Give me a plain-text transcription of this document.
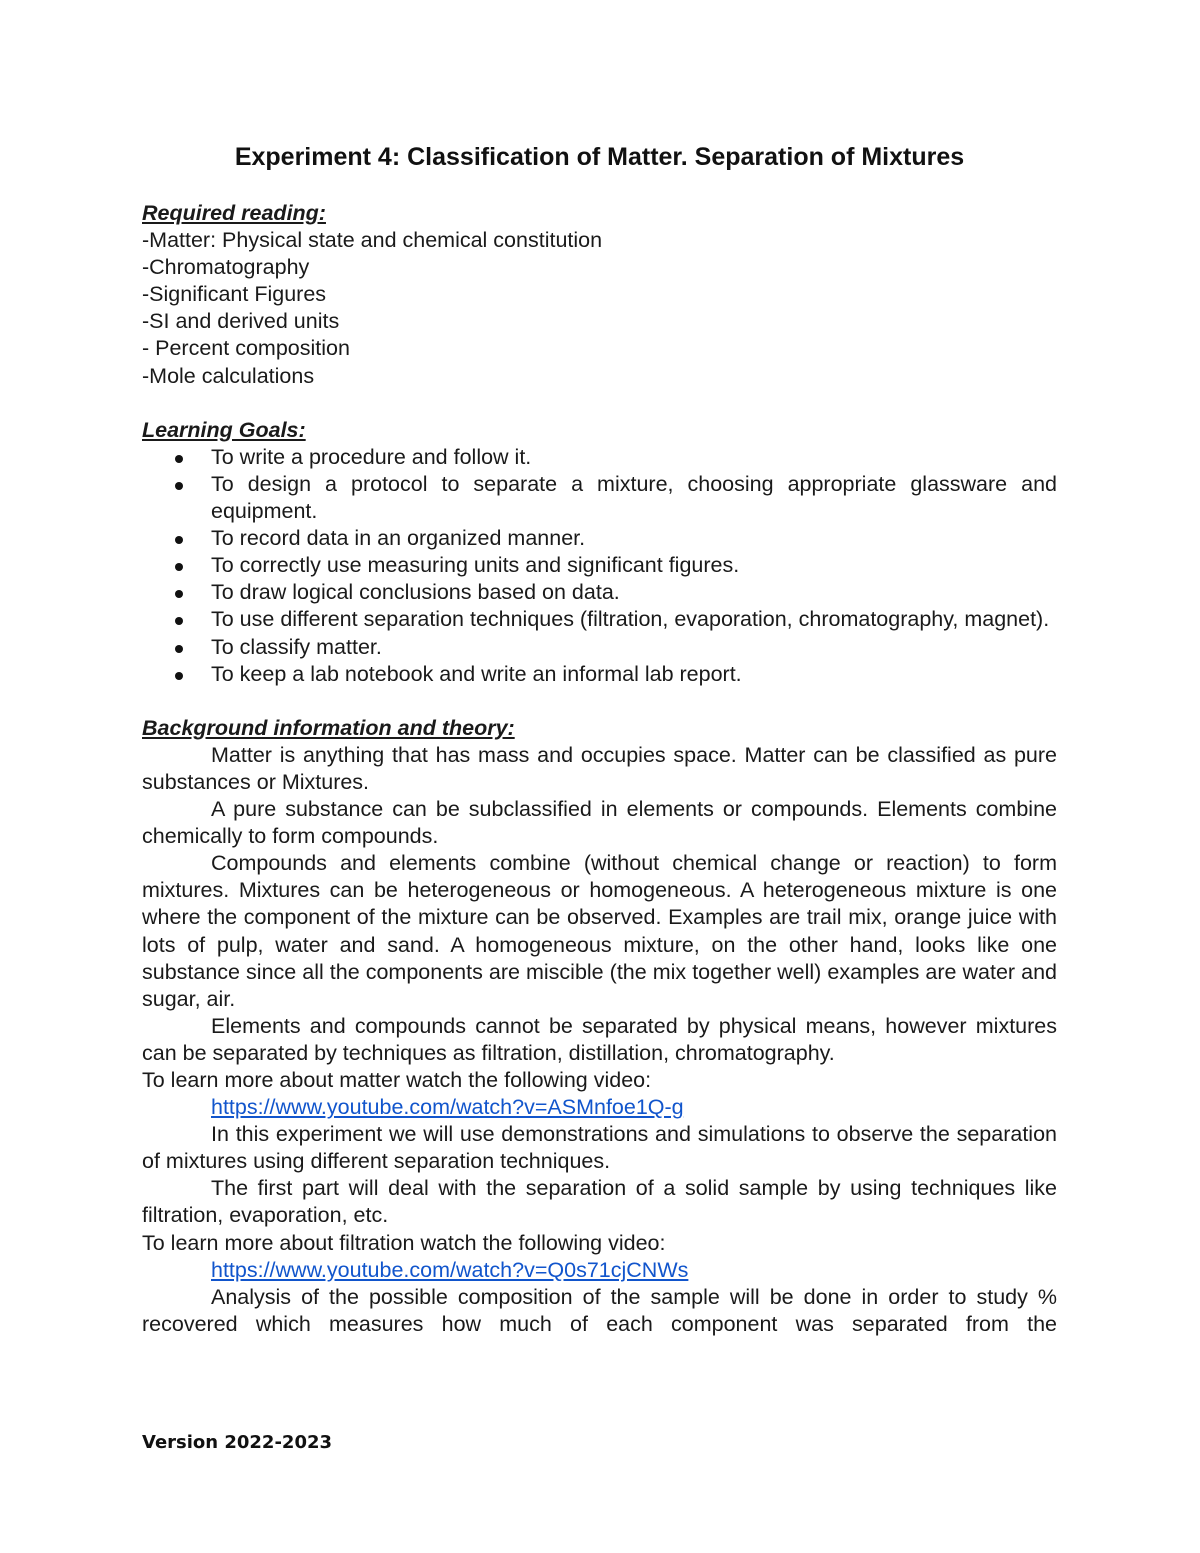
Experiment 4: Classification of Matter. Separation of Mixtures

Required reading:

-Matter: Physical state and chemical constitution

-Chromatography

-Significant Figures

-SI and derived units

- Percent composition

-Mole calculations

Learning Goals:

To write a procedure and follow it.
To design a protocol to separate a mixture, choosing appropriate glassware and equipment.
To record data in an organized manner.
To correctly use measuring units and significant figures.
To draw logical conclusions based on data.
To use different separation techniques (filtration, evaporation, chromatography, magnet).
To classify matter.
To keep a lab notebook and write an informal lab report.

Background information and theory:

Matter is anything that has mass and occupies space. Matter can be classified as pure substances or Mixtures.

A pure substance can be subclassified in elements or compounds. Elements combine chemically to form compounds.

Compounds and elements combine (without chemical change or reaction) to form mixtures. Mixtures can be heterogeneous or homogeneous. A heterogeneous mixture is one where the component of the mixture can be observed. Examples are trail mix, orange juice with lots of pulp, water and sand. A homogeneous mixture, on the other hand, looks like one substance since all the components are miscible (the mix together well) examples are water and sugar, air.

Elements and compounds cannot be separated by physical means, however mixtures can be separated by techniques as filtration, distillation, chromatography.

To learn more about matter watch the following video:

https://www.youtube.com/watch?v=ASMnfoe1Q-g

In this experiment we will use demonstrations and simulations to observe the separation of mixtures using different separation techniques.

The first part will deal with the separation of a solid sample by using techniques like filtration, evaporation, etc.

To learn more about filtration watch the following video:

https://www.youtube.com/watch?v=Q0s71cjCNWs

Analysis of the possible composition of the sample will be done in order to study % recovered which measures how much of each component was separated from the

Version 2022-2023
